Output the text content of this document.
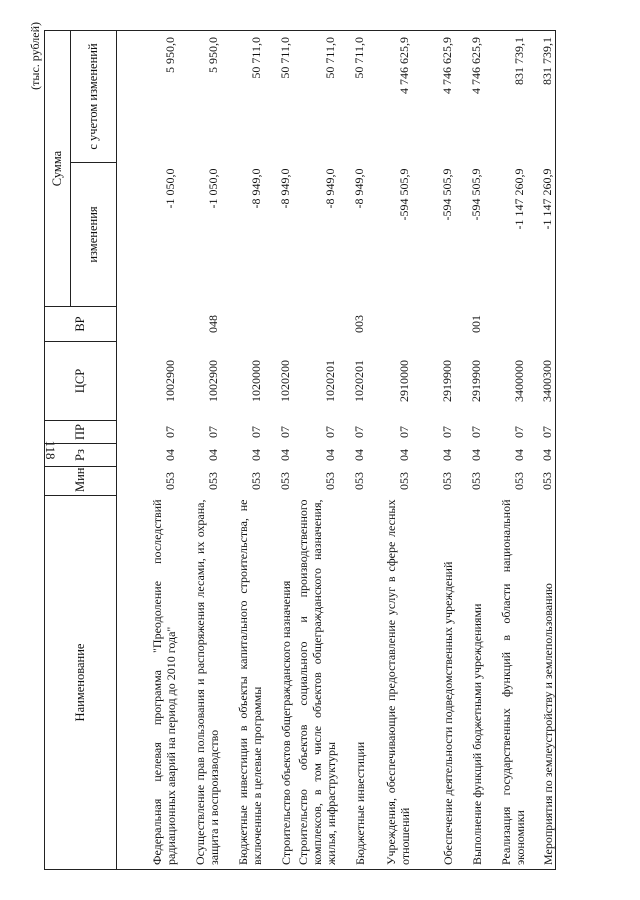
118
(тыс. рублей)
Наименование	Мин	Рз	ПР	ЦСР	ВР	Сумма	
						изменения	с учетом изменений
Федеральная целевая программа "Преодоление последствий радиационных аварий на период до 2010 года"	053	04	07	1002900		-1 050,0	5 950,0
Осуществление прав пользования и распоряжения лесами, их охрана, защита и воспроизводство	053	04	07	1002900	048	-1 050,0	5 950,0
Бюджетные инвестиции в объекты капитального строительства, не включенные в целевые программы	053	04	07	1020000		-8 949,0	50 711,0
Строительство объектов общегражданского назначения	053	04	07	1020200		-8 949,0	50 711,0
Строительство объектов социального и производственного комплексов, в том числе объектов общегражданского назначения, жилья, инфраструктуры	053	04	07	1020201		-8 949,0	50 711,0
Бюджетные инвестиции	053	04	07	1020201	003	-8 949,0	50 711,0
Учреждения, обеспечивающие предоставление услуг в сфере лесных отношений	053	04	07	2910000		-594 505,9	4 746 625,9
Обеспечение деятельности подведомственных учреждений	053	04	07	2919900		-594 505,9	4 746 625,9
Выполнение функций бюджетными учреждениями	053	04	07	2919900	001	-594 505,9	4 746 625,9
Реализация государственных функций в области национальной экономики	053	04	07	3400000		-1 147 260,9	831 739,1
Мероприятия по землеустройству и землепользованию	053	04	07	3400300		-1 147 260,9	831 739,1
